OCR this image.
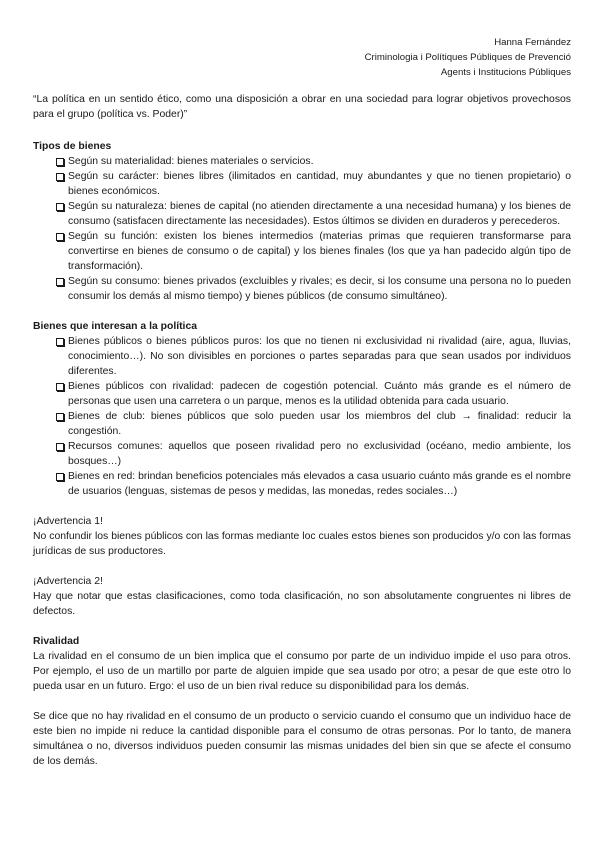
Hanna Fernández
Criminologia i Polítiques Públiques de Prevenció
Agents i Institucions Públiques

“La política en un sentido ético, como una disposición a obrar en una sociedad para lograr objetivos provechosos para el grupo (política vs. Poder)”

Tipos de bienes
Según su materialidad: bienes materiales o servicios.
Según su carácter: bienes libres (ilimitados en cantidad, muy abundantes y que no tienen propietario) o bienes económicos.
Según su naturaleza: bienes de capital (no atienden directamente a una necesidad humana) y los bienes de consumo (satisfacen directamente las necesidades). Estos últimos se dividen en duraderos y perecederos.
Según su función: existen los bienes intermedios (materias primas que requieren transformarse para convertirse en bienes de consumo o de capital) y los bienes finales (los que ya han padecido algún tipo de transformación).
Según su consumo: bienes privados (excluibles y rivales; es decir, si los consume una persona no lo pueden consumir los demás al mismo tiempo) y bienes públicos (de consumo simultáneo).
Bienes que interesan a la política
Bienes públicos o bienes públicos puros: los que no tienen ni exclusividad ni rivalidad (aire, agua, lluvias, conocimiento…). No son divisibles en porciones o partes separadas para que sean usados por individuos diferentes.
Bienes públicos con rivalidad: padecen de cogestión potencial. Cuánto más grande es el número de personas que usen una carretera o un parque, menos es la utilidad obtenida para cada usuario.
Bienes de club: bienes públicos que solo pueden usar los miembros del club → finalidad: reducir la congestión.
Recursos comunes: aquellos que poseen rivalidad pero no exclusividad (océano, medio ambiente, los bosques…)
Bienes en red: brindan beneficios potenciales más elevados a casa usuario cuánto más grande es el nombre de usuarios (lenguas, sistemas de pesos y medidas, las monedas, redes sociales…)

¡Advertencia 1!

No confundir los bienes públicos con las formas mediante loc cuales estos bienes son producidos y/o con las formas jurídicas de sus productores.

¡Advertencia 2!

Hay que notar que estas clasificaciones, como toda clasificación, no son absolutamente congruentes ni libres de defectos.

Rivalidad

La rivalidad en el consumo de un bien implica que el consumo por parte de un individuo impide el uso para otros. Por ejemplo, el uso de un martillo por parte de alguien impide que sea usado por otro; a pesar de que este otro lo pueda usar en un futuro. Ergo: el uso de un bien rival reduce su disponibilidad para los demás.

Se dice que no hay rivalidad en el consumo de un producto o servicio cuando el consumo que un individuo hace de este bien no impide ni reduce la cantidad disponible para el consumo de otras personas. Por lo tanto, de manera simultánea o no, diversos individuos pueden consumir las mismas unidades del bien sin que se afecte el consumo de los demás.
